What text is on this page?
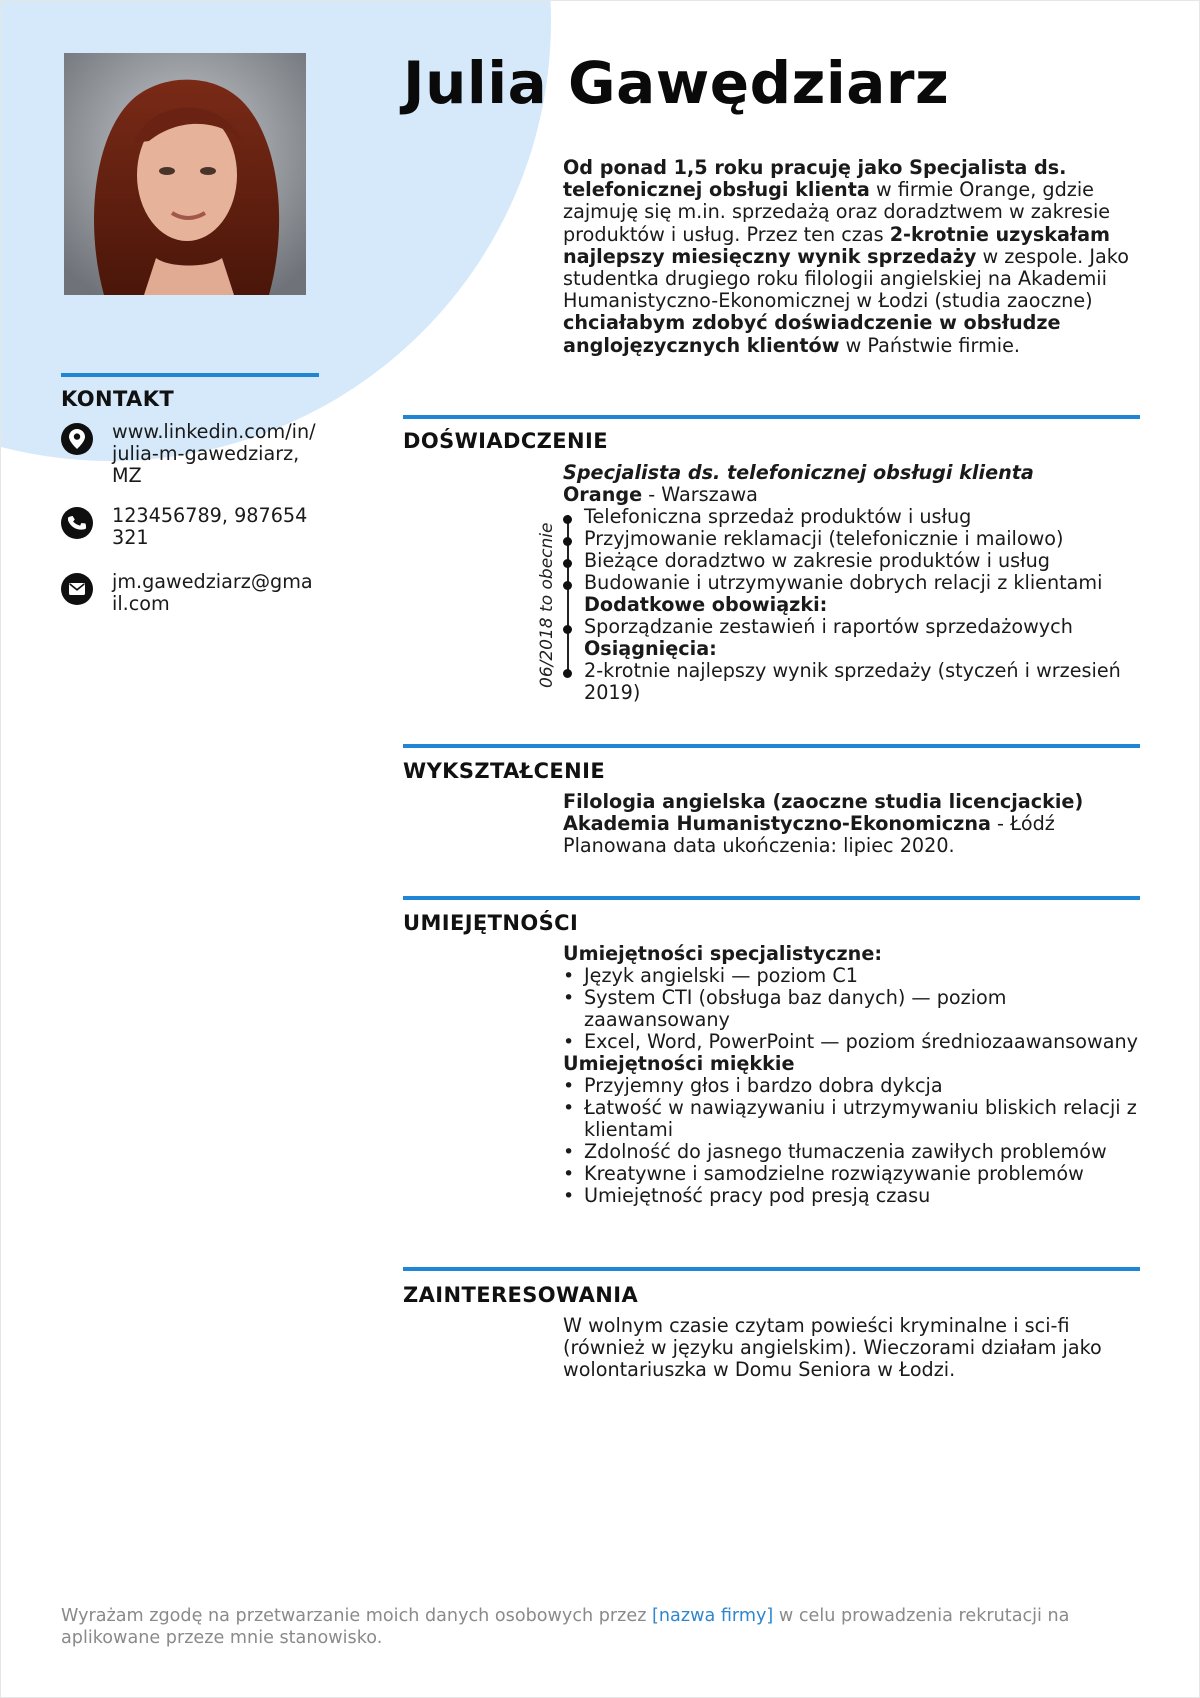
Julia Gawędziarz
Od ponad 1,5 roku pracuję jako Specjalista ds. telefonicznej obsługi klienta w firmie Orange, gdzie zajmuję się m.in. sprzedażą oraz doradztwem w zakresie produktów i usług. Przez ten czas 2-krotnie uzyskałam najlepszy miesięczny wynik sprzedaży w zespole. Jako studentka drugiego roku filologii angielskiej na Akademii Humanistyczno-Ekonomicznej w Łodzi (studia zaoczne) chciałabym zdobyć doświadczenie w obsłudze anglojęzycznych klientów w Państwie firmie.
KONTAKT
www.linkedin.com/in/julia-m-gawedziarz, MZ
123456789, 987654321
jm.gawedziarz@gmail.com
DOŚWIADCZENIE
06/2018 to obecnie
Specjalista ds. telefonicznej obsługi klienta
Orange - Warszawa
Telefoniczna sprzedaż produktów i usług
Przyjmowanie reklamacji (telefonicznie i mailowo)
Bieżące doradztwo w zakresie produktów i usług
Budowanie i utrzymywanie dobrych relacji z klientami
Dodatkowe obowiązki:
Sporządzanie zestawień i raportów sprzedażowych
Osiągnięcia:
2-krotnie najlepszy wynik sprzedaży (styczeń i wrzesień 2019)
WYKSZTAŁCENIE
Filologia angielska (zaoczne studia licencjackie)
Akademia Humanistyczno-Ekonomiczna - Łódź
Planowana data ukończenia: lipiec 2020.
UMIEJĘTNOŚCI
Umiejętności specjalistyczne:
• Język angielski — poziom C1
• System CTI (obsługa baz danych) — poziom zaawansowany
• Excel, Word, PowerPoint — poziom średniozaawansowany
Umiejętności miękkie
• Przyjemny głos i bardzo dobra dykcja
• Łatwość w nawiązywaniu i utrzymywaniu bliskich relacji z klientami
• Zdolność do jasnego tłumaczenia zawiłych problemów
• Kreatywne i samodzielne rozwiązywanie problemów
• Umiejętność pracy pod presją czasu
ZAINTERESOWANIA
W wolnym czasie czytam powieści kryminalne i sci-fi (również w języku angielskim). Wieczorami działam jako wolontariuszka w Domu Seniora w Łodzi.
Wyrażam zgodę na przetwarzanie moich danych osobowych przez [nazwa firmy] w celu prowadzenia rekrutacji na aplikowane przeze mnie stanowisko.
